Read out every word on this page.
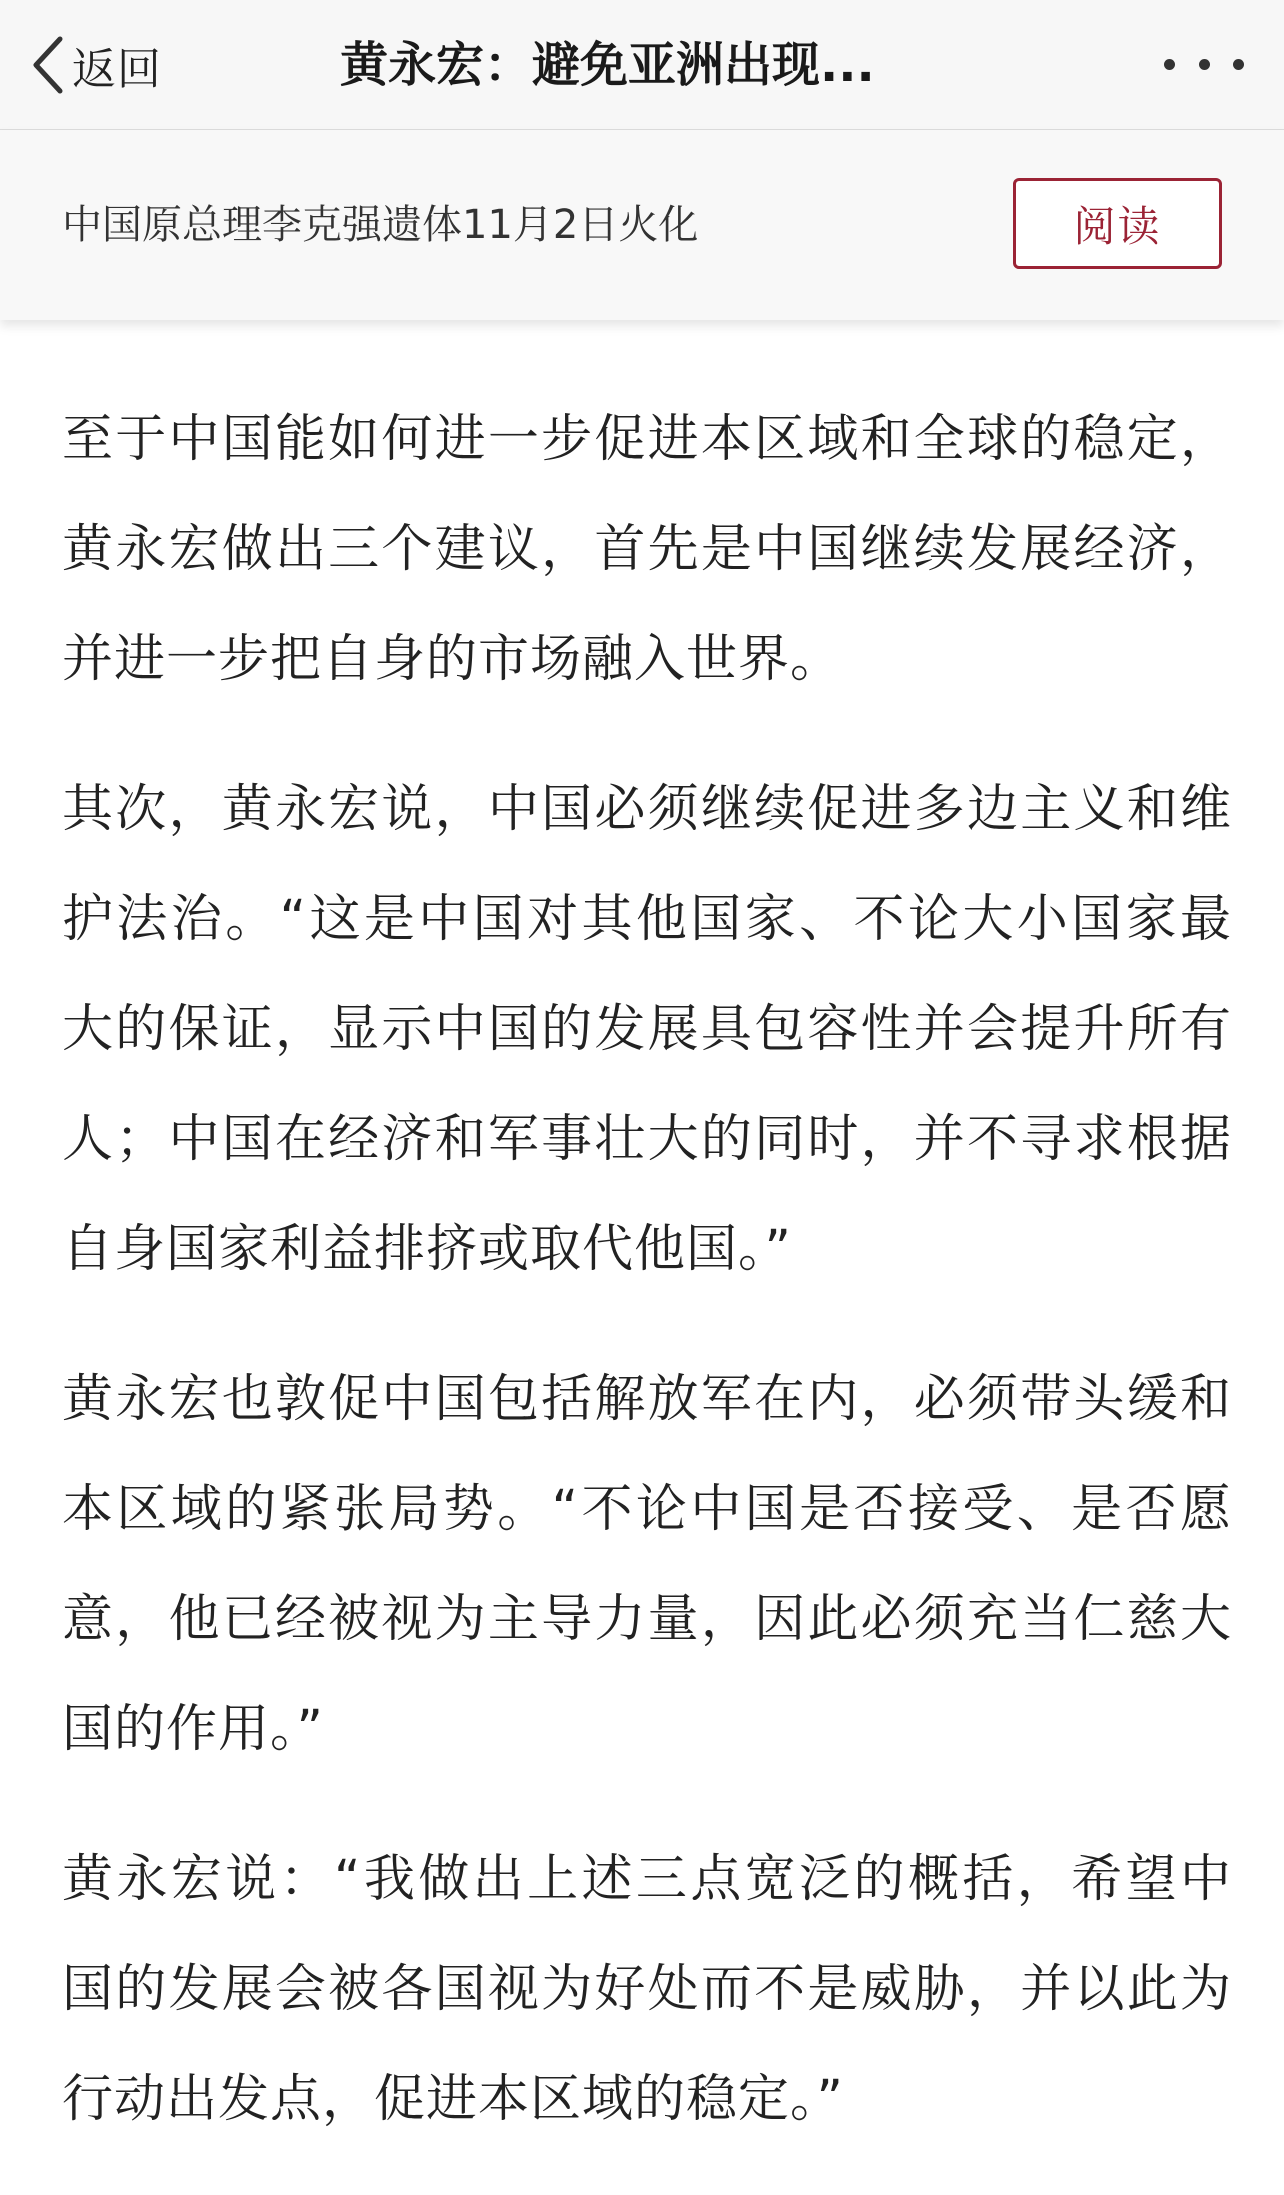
返回	黄永宏：避免亚洲出现...
中国原总理李克强遗体11月2日火化	阅读

至于中国能如何进一步促进本区域和全球的稳定，黄永宏做出三个建议，首先是中国继续发展经济，并进一步把自身的市场融入世界。

其次，黄永宏说，中国必须继续促进多边主义和维护法治。“这是中国对其他国家、不论大小国家最大的保证，显示中国的发展具包容性并会提升所有人；中国在经济和军事壮大的同时，并不寻求根据自身国家利益排挤或取代他国。”

黄永宏也敦促中国包括解放军在内，必须带头缓和本区域的紧张局势。“不论中国是否接受、是否愿意，他已经被视为主导力量，因此必须充当仁慈大国的作用。”

黄永宏说：“我做出上述三点宽泛的概括，希望中国的发展会被各国视为好处而不是威胁，并以此为行动出发点，促进本区域的稳定。”
